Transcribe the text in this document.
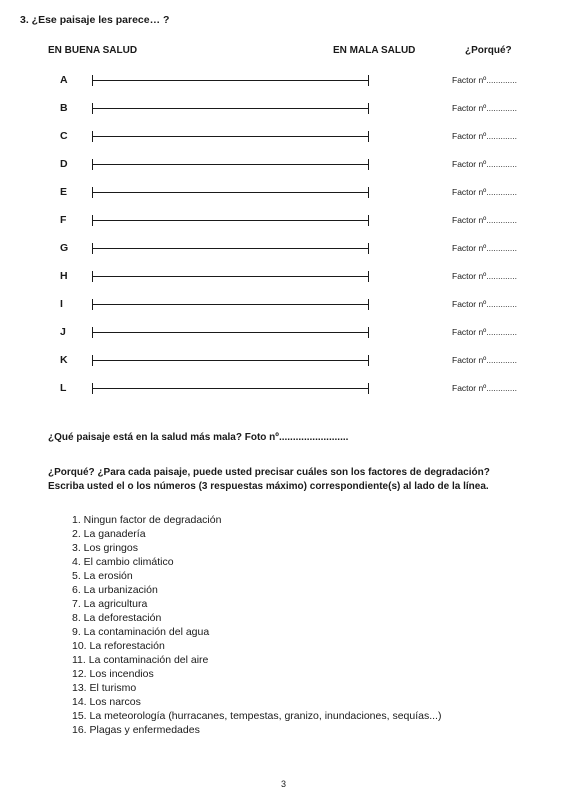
3. ¿Ese paisaje les parece… ?
EN BUENA SALUD	EN MALA SALUD	¿Porqué?
A	Factor nº.............
B	Factor nº.............
C	Factor nº.............
D	Factor nº.............
E	Factor nº.............
F	Factor nº.............
G	Factor nº.............
H	Factor nº.............
I	Factor nº.............
J	Factor nº.............
K	Factor nº.............
L	Factor nº.............
¿Qué paisaje está en la salud más mala? Foto nº.........................
¿Porqué? ¿Para cada paisaje, puede usted precisar cuáles son los factores de degradación?
Escriba usted el o los números (3 respuestas máximo) correspondiente(s) al lado de la línea.
1. Ningun factor de degradación
2. La ganadería
3. Los gringos
4. El cambio climático
5. La erosión
6. La urbanización
7. La agricultura
8. La deforestación
9. La contaminación del agua
10. La reforestación
11. La contaminación del aire
12. Los incendios
13. El turismo
14. Los narcos
15. La meteorología (hurracanes, tempestas, granizo, inundaciones, sequías...)
16. Plagas y enfermedades
3
